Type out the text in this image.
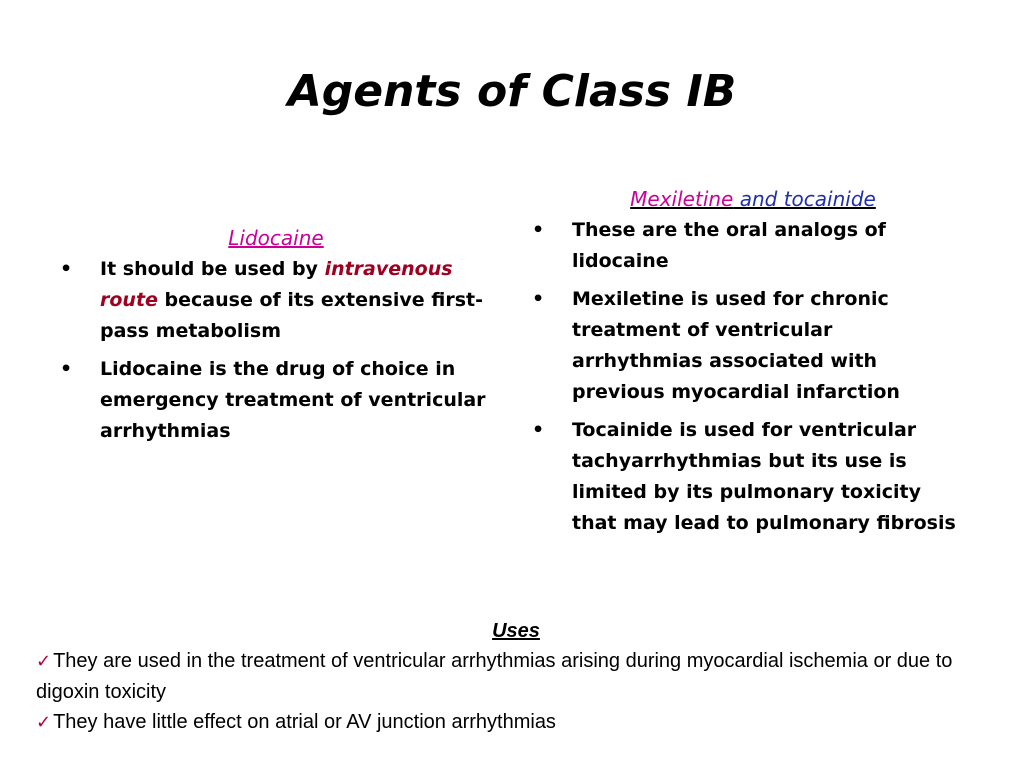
Agents of Class IB

Lidocaine

•	It should be used by intravenous route because of its extensive first-pass metabolism
•	Lidocaine is the drug of choice in emergency treatment of ventricular arrhythmias

Mexiletine and tocainide

•	These are the oral analogs of lidocaine
•	Mexiletine is used for chronic treatment of ventricular arrhythmias associated with previous myocardial infarction
•	Tocainide is used for ventricular tachyarrhythmias but its use is limited by its pulmonary toxicity that may lead to pulmonary fibrosis

Uses

✓ They are used in the treatment of ventricular arrhythmias arising during myocardial ischemia or due to digoxin toxicity

✓ They have little effect on atrial or AV junction arrhythmias
